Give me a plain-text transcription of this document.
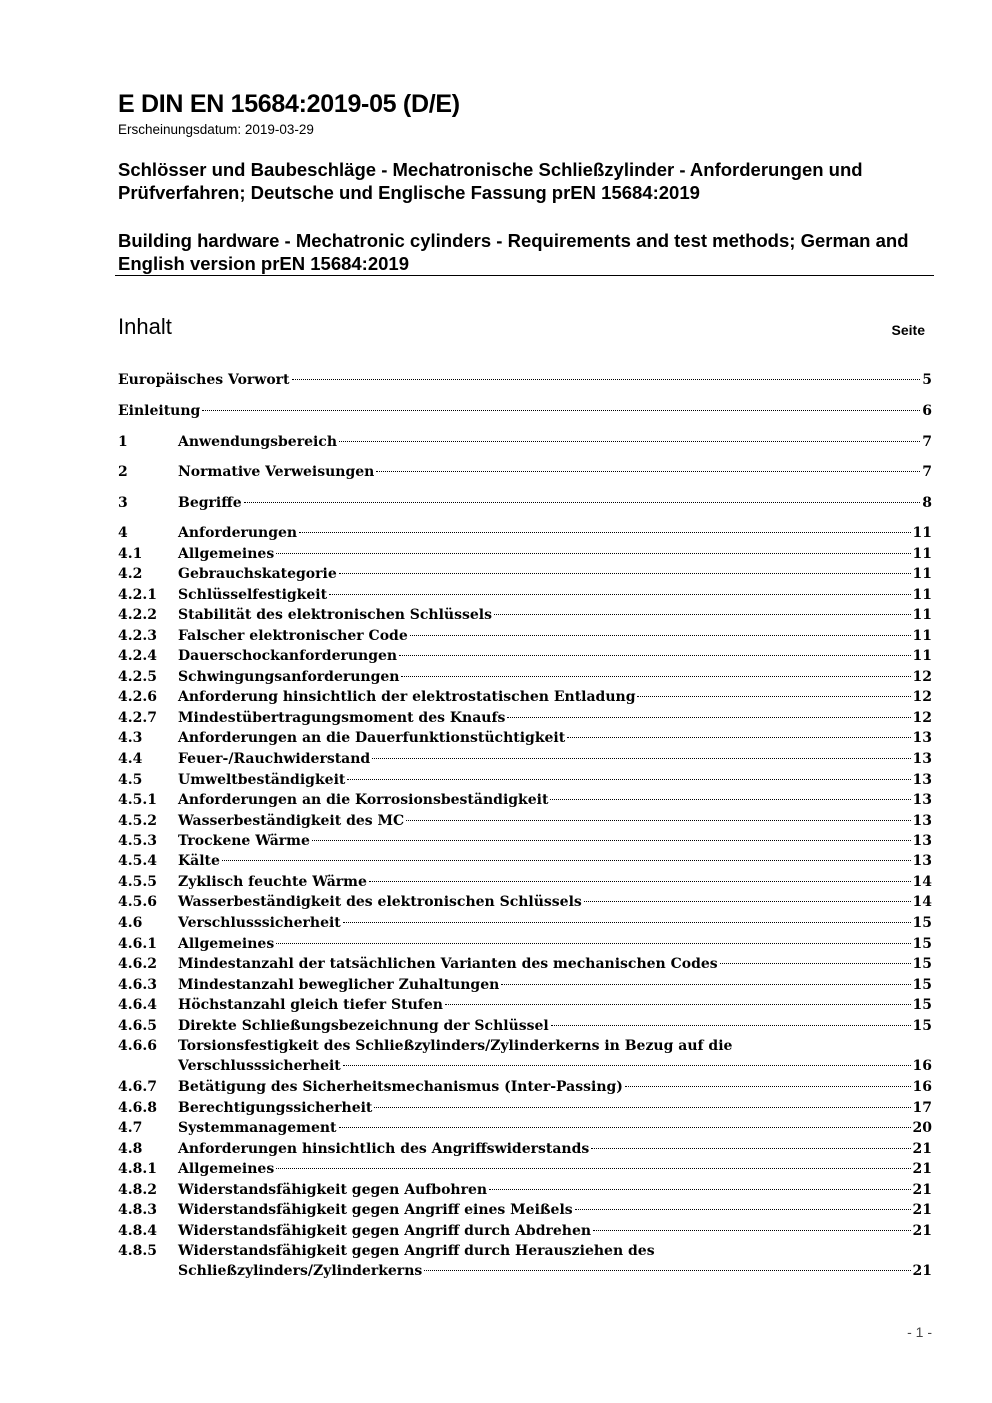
E DIN EN 15684:2019-05 (D/E)
Erscheinungsdatum: 2019-03-29
Schlösser und Baubeschläge - Mechatronische Schließzylinder - Anforderungen und Prüfverfahren; Deutsche und Englische Fassung prEN 15684:2019
Building hardware - Mechatronic cylinders - Requirements and test methods; German and English version prEN 15684:2019
Inhalt	Seite
Europäisches Vorwort	5
Einleitung	6
1	Anwendungsbereich	7
2	Normative Verweisungen	7
3	Begriffe	8
4	Anforderungen	11
4.1	Allgemeines	11
4.2	Gebrauchskategorie	11
4.2.1 Schlüsselfestigkeit	11
4.2.2 Stabilität des elektronischen Schlüssels	11
4.2.3 Falscher elektronischer Code	11
4.2.4 Dauerschockanforderungen	11
4.2.5 Schwingungsanforderungen	12
4.2.6 Anforderung hinsichtlich der elektrostatischen Entladung	12
4.2.7 Mindestübertragungsmoment des Knaufs	12
4.3	Anforderungen an die Dauerfunktionstüchtigkeit	13
4.4	Feuer-/Rauchwiderstand	13
4.5	Umweltbeständigkeit	13
4.5.1 Anforderungen an die Korrosionsbeständigkeit	13
4.5.2 Wasserbeständigkeit des MC	13
4.5.3 Trockene Wärme	13
4.5.4 Kälte	13
4.5.5 Zyklisch feuchte Wärme	14
4.5.6 Wasserbeständigkeit des elektronischen Schlüssels	14
4.6	Verschlusssicherheit	15
4.6.1 Allgemeines	15
4.6.2 Mindestanzahl der tatsächlichen Varianten des mechanischen Codes	15
4.6.3 Mindestanzahl beweglicher Zuhaltungen	15
4.6.4 Höchstanzahl gleich tiefer Stufen	15
4.6.5 Direkte Schließungsbezeichnung der Schlüssel	15
4.6.6 Torsionsfestigkeit des Schließzylinders/Zylinderkerns in Bezug auf die
Verschlusssicherheit	16
4.6.7 Betätigung des Sicherheitsmechanismus (Inter-Passing)	16
4.6.8 Berechtigungssicherheit	17
4.7	Systemmanagement	20
4.8	Anforderungen hinsichtlich des Angriffswiderstands	21
4.8.1 Allgemeines	21
4.8.2 Widerstandsfähigkeit gegen Aufbohren	21
4.8.3 Widerstandsfähigkeit gegen Angriff eines Meißels	21
4.8.4 Widerstandsfähigkeit gegen Angriff durch Abdrehen	21
4.8.5 Widerstandsfähigkeit gegen Angriff durch Herausziehen des
Schließzylinders/Zylinderkerns	21
- 1 -
